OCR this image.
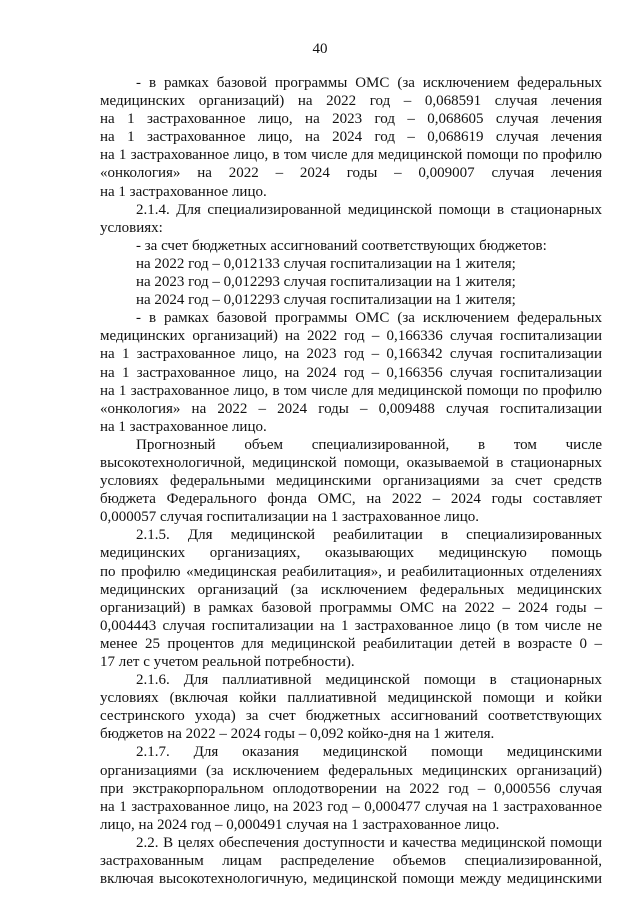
40
- в рамках базовой программы ОМС (за исключением федеральных
медицинских организаций) на 2022 год – 0,068591 случая лечения
на 1 застрахованное лицо, на 2023 год – 0,068605 случая лечения
на 1 застрахованное лицо, на 2024 год – 0,068619 случая лечения
на 1 застрахованное лицо, в том числе для медицинской помощи по профилю
«онкология» на 2022 – 2024 годы – 0,009007 случая лечения
на 1 застрахованное лицо.
2.1.4. Для специализированной медицинской помощи в стационарных
условиях:
- за счет бюджетных ассигнований соответствующих бюджетов:
на 2022 год – 0,012133 случая госпитализации на 1 жителя;
на 2023 год – 0,012293 случая госпитализации на 1 жителя;
на 2024 год – 0,012293 случая госпитализации на 1 жителя;
- в рамках базовой программы ОМС (за исключением федеральных
медицинских организаций) на 2022 год – 0,166336 случая госпитализации
на 1 застрахованное лицо, на 2023 год – 0,166342 случая госпитализации
на 1 застрахованное лицо, на 2024 год – 0,166356 случая госпитализации
на 1 застрахованное лицо, в том числе для медицинской помощи по профилю
«онкология» на 2022 – 2024 годы – 0,009488 случая госпитализации
на 1 застрахованное лицо.
Прогнозный объем специализированной, в том числе
высокотехнологичной, медицинской помощи, оказываемой в стационарных
условиях федеральными медицинскими организациями за счет средств
бюджета Федерального фонда ОМС, на 2022 – 2024 годы составляет
0,000057 случая госпитализации на 1 застрахованное лицо.
2.1.5. Для медицинской реабилитации в специализированных
медицинских организациях, оказывающих медицинскую помощь
по профилю «медицинская реабилитация», и реабилитационных отделениях
медицинских организаций (за исключением федеральных медицинских
организаций) в рамках базовой программы ОМС на 2022 – 2024 годы –
0,004443 случая госпитализации на 1 застрахованное лицо (в том числе не
менее 25 процентов для медицинской реабилитации детей в возрасте 0 –
17 лет с учетом реальной потребности).
2.1.6. Для паллиативной медицинской помощи в стационарных
условиях (включая койки паллиативной медицинской помощи и койки
сестринского ухода) за счет бюджетных ассигнований соответствующих
бюджетов на 2022 – 2024 годы – 0,092 койко-дня на 1 жителя.
2.1.7. Для оказания медицинской помощи медицинскими
организациями (за исключением федеральных медицинских организаций)
при экстракорпоральном оплодотворении на 2022 год – 0,000556 случая
на 1 застрахованное лицо, на 2023 год – 0,000477 случая на 1 застрахованное
лицо, на 2024 год – 0,000491 случая на 1 застрахованное лицо.
2.2. В целях обеспечения доступности и качества медицинской помощи
застрахованным лицам распределение объемов специализированной,
включая высокотехнологичную, медицинской помощи между медицинскими
